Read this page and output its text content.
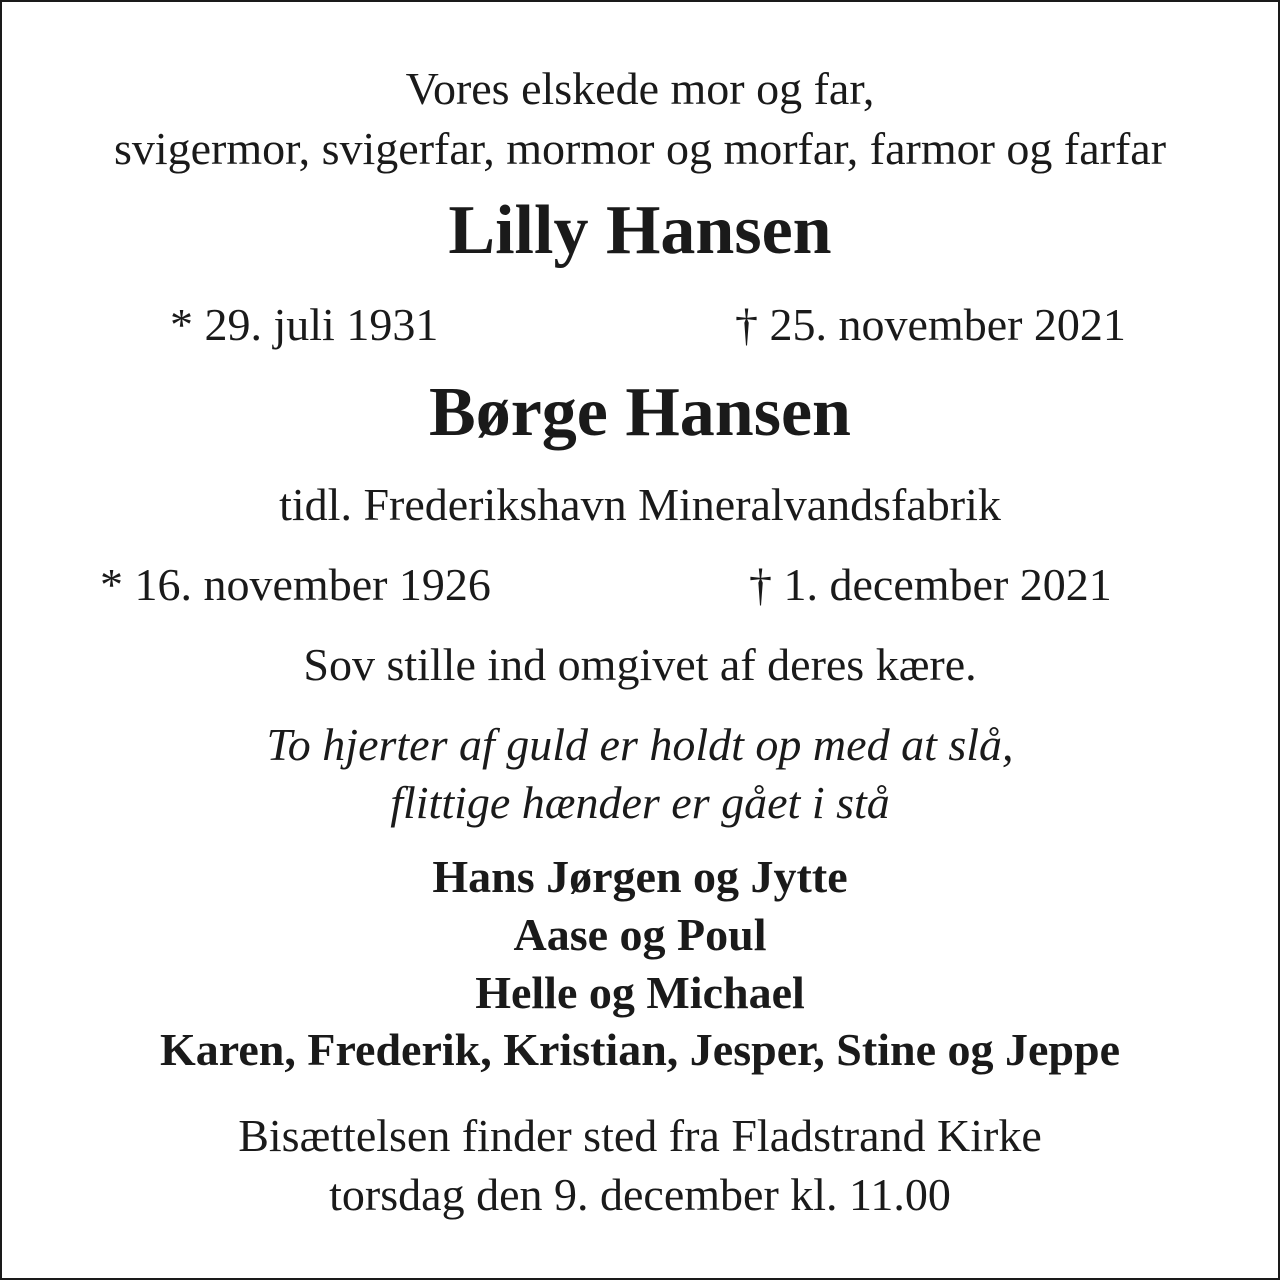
Vores elskede mor og far,
svigermor, svigerfar, mormor og morfar, farmor og farfar
Lilly Hansen
* 29. juli 1931	† 25. november 2021
Børge Hansen
tidl. Frederikshavn Mineralvandsfabrik
* 16. november 1926	† 1. december 2021
Sov stille ind omgivet af deres kære.
To hjerter af guld er holdt op med at slå,
flittige hænder er gået i stå
Hans Jørgen og Jytte
Aase og Poul
Helle og Michael
Karen, Frederik, Kristian, Jesper, Stine og Jeppe
Bisættelsen finder sted fra Fladstrand Kirke
torsdag den 9. december kl. 11.00
